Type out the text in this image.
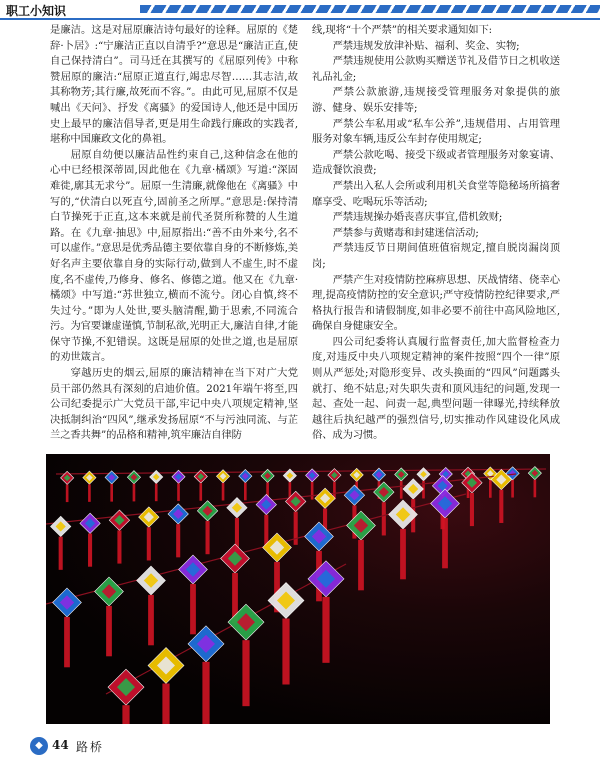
职工小知识

是廉洁。这是对屈原廉洁诗句最好的诠释。屈原的《楚辞·卜居》:“宁廉洁正直以自清乎?”意思是“廉洁正直,使自己保持清白”。司马迁在其撰写的《屈原列传》中称赞屈原的廉洁:“屈原正道直行,竭忠尽智……其志洁,故其称物芳;其行廉,故死而不容。”。由此可见,屈原不仅是喊出《天问》、抒发《离骚》的爱国诗人,他还是中国历史上最早的廉洁倡导者,更是用生命践行廉政的实践者,堪称中国廉政文化的鼻祖。

屈原自幼便以廉洁品性约束自己,这种信念在他的心中已经根深蒂固,因此他在《九章·橘颂》写道:“深固难徙,廓其无求兮”。屈原一生清廉,就像他在《离骚》中写的,“伏清白以死直兮,固前圣之所厚。”意思是:保持清白节操死于正直,这本来就是前代圣贤所称赞的人生道路。在《九章·抽思》中,屈原指出:“善不由外来兮,名不可以虚作。”意思是优秀品德主要依靠自身的不断修炼,美好名声主要依靠自身的实际行动,做到人不虚生,时不虚度,名不虚传,乃修身、修名、修德之道。他又在《九章·橘颂》中写道:“苏世独立,横而不流兮。闭心自慎,终不失过兮。”即为人处世,要头脑清醒,勤于思索,不同流合污。为官要谦虚谨慎,节制私欲,光明正大,廉洁自律,才能保守节操,不犯错误。这既是屈原的处世之道,也是屈原的劝世箴言。

穿越历史的烟云,屈原的廉洁精神在当下对广大党员干部仍然具有深刻的启迪价值。2021年端午将至,四公司纪委提示广大党员干部,牢记中央八项规定精神,坚决抵制纠治“四风”,继承发扬屈原“不与污浊同流、与芷兰之香共舞”的品格和精神,筑牢廉洁自律防

线,现将“十个严禁”的相关要求通知如下:

严禁违规发放津补贴、福利、奖金、实物;

严禁违规使用公款购买赠送节礼及借节日之机收送礼品礼金;

严禁公款旅游,违规接受管理服务对象提供的旅游、健身、娱乐安排等;

严禁公车私用或“私车公养”,违规借用、占用管理服务对象车辆,违反公车封存使用规定;

严禁公款吃喝、接受下级或者管理服务对象宴请、造成餐饮浪费;

严禁出入私人会所或利用机关食堂等隐秘场所搞奢靡享受、吃喝玩乐等活动;

严禁违规操办婚丧喜庆事宜,借机敛财;

严禁参与黄赌毒和封建迷信活动;

严禁违反节日期间值班值宿规定,擅自脱岗漏岗顶岗;

严禁产生对疫情防控麻痹思想、厌战情绪、侥幸心理,提高疫情防控的安全意识;严守疫情防控纪律要求,严格执行报告和请假制度,如非必要不前往中高风险地区,确保自身健康安全。

四公司纪委将认真履行监督责任,加大监督检查力度,对违反中央八项规定精神的案件按照“四个一律”原则从严惩处;对隐形变异、改头换面的“四风”问题露头就打、绝不姑息;对失职失责和顶风违纪的问题,发现一起、查处一起、问责一起,典型问题一律曝光,持续释放越往后执纪越严的强烈信号,切实推动作风建设化风成俗、成为习惯。

◆ 44 路桥
